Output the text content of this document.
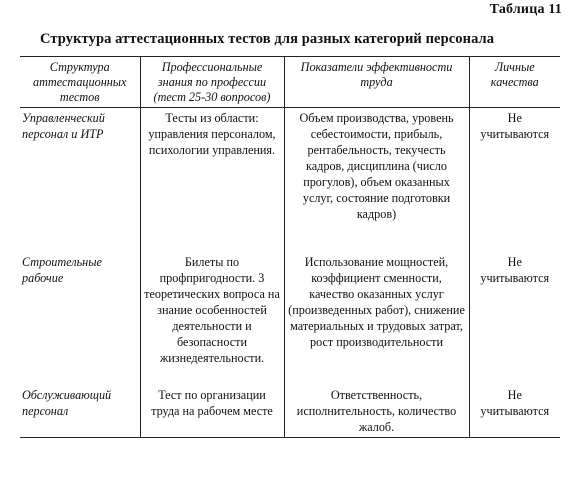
Таблица 11
Структура аттестационных тестов для разных категорий персонала
Структура аттестационных тестов	Профессиональные знания по профессии (тест 25-30 вопросов)	Показатели эффективности труда	Личные качества
Управленческий персонал и ИТР	Тесты из области: управления персоналом, психологии управления.	Объем производства, уровень себестоимости, прибыль, рентабельность, текучесть кадров, дисциплина (число прогулов), объем оказанных услуг, состояние подготовки кадров)	Не учитываются
Строительные рабочие	Билеты по профпригодности. 3 теоретических вопроса на знание особенностей деятельности и безопасности жизнедеятельности.	Использование мощностей, коэффициент сменности, качество оказанных услуг (произведенных работ), снижение материальных и трудовых затрат, рост производительности	Не учитываются
Обслуживающий персонал	Тест по организации труда на рабочем месте	Ответственность, исполнительность, количество жалоб.	Не учитываются
